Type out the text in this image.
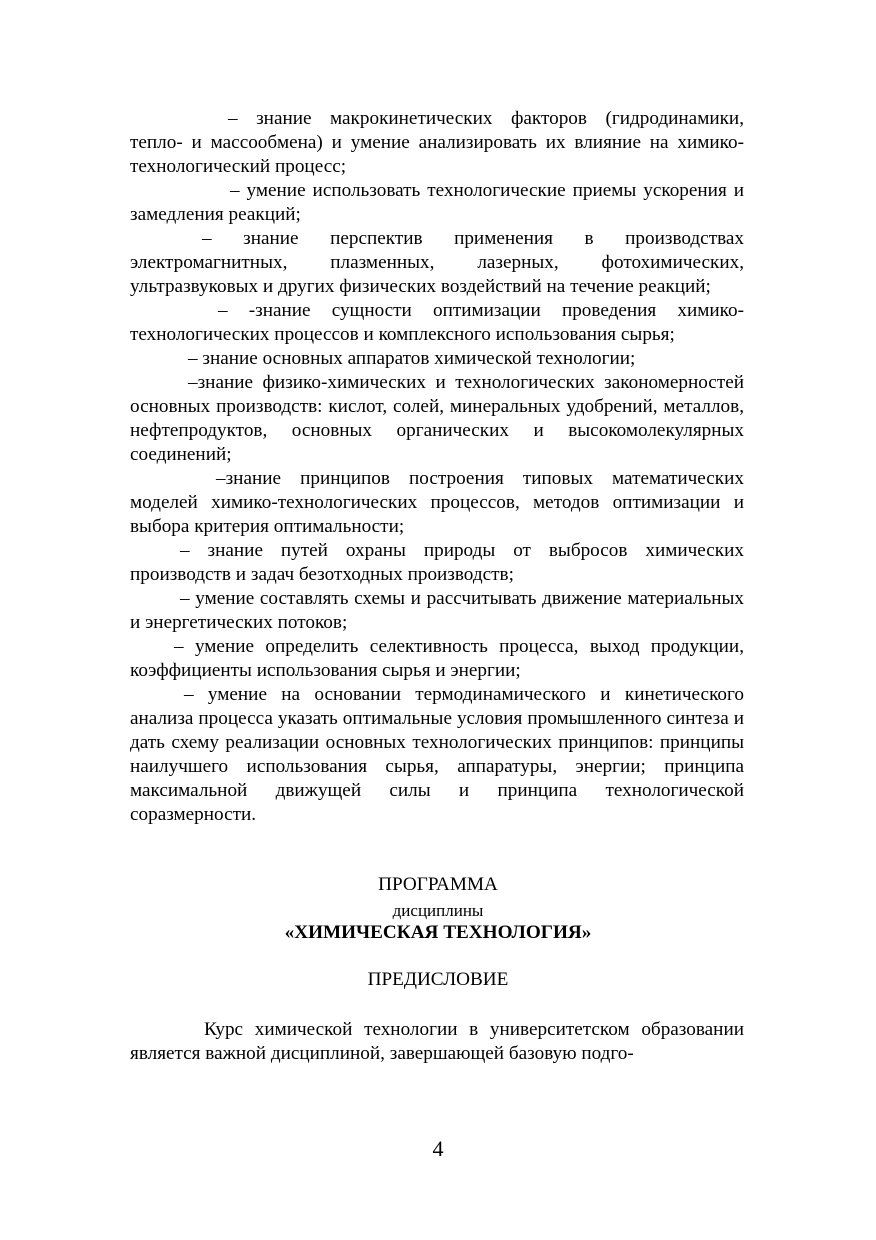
– знание макрокинетических факторов (гидродинамики, тепло- и массообмена) и умение анализировать их влияние на химико-технологический процесс;

– умение использовать технологические приемы ускорения и замедления реакций;

– знание перспектив применения в производствах электромагнитных, плазменных, лазерных, фотохимических, ультразвуковых и других физических воздействий на течение реакций;

– -знание сущности оптимизации проведения химико-технологических процессов и комплексного использования сырья;

– знание основных аппаратов химической технологии;

–знание физико-химических и технологических закономерностей основных производств: кислот, солей, минеральных удобрений, металлов, нефтепродуктов, основных органических и высокомолекулярных соединений;

–знание принципов построения типовых математических моделей химико-технологических процессов, методов оптимизации и выбора критерия оптимальности;

– знание путей охраны природы от выбросов химических производств и задач безотходных производств;

– умение составлять схемы и рассчитывать движение материальных и энергетических потоков;

– умение определить селективность процесса, выход продукции, коэффициенты использования сырья и энергии;

– умение на основании термодинамического и кинетического анализа процесса указать оптимальные условия промышленного синтеза и дать схему реализации основных технологических принципов: принципы наилучшего использования сырья, аппаратуры, энергии; принципа максимальной движущей силы и принципа технологической соразмерности.

ПРОГРАММА

дисциплины

«ХИМИЧЕСКАЯ ТЕХНОЛОГИЯ»

ПРЕДИСЛОВИЕ

Курс химической технологии в университетском образовании является важной дисциплиной, завершающей базовую подго-

4
